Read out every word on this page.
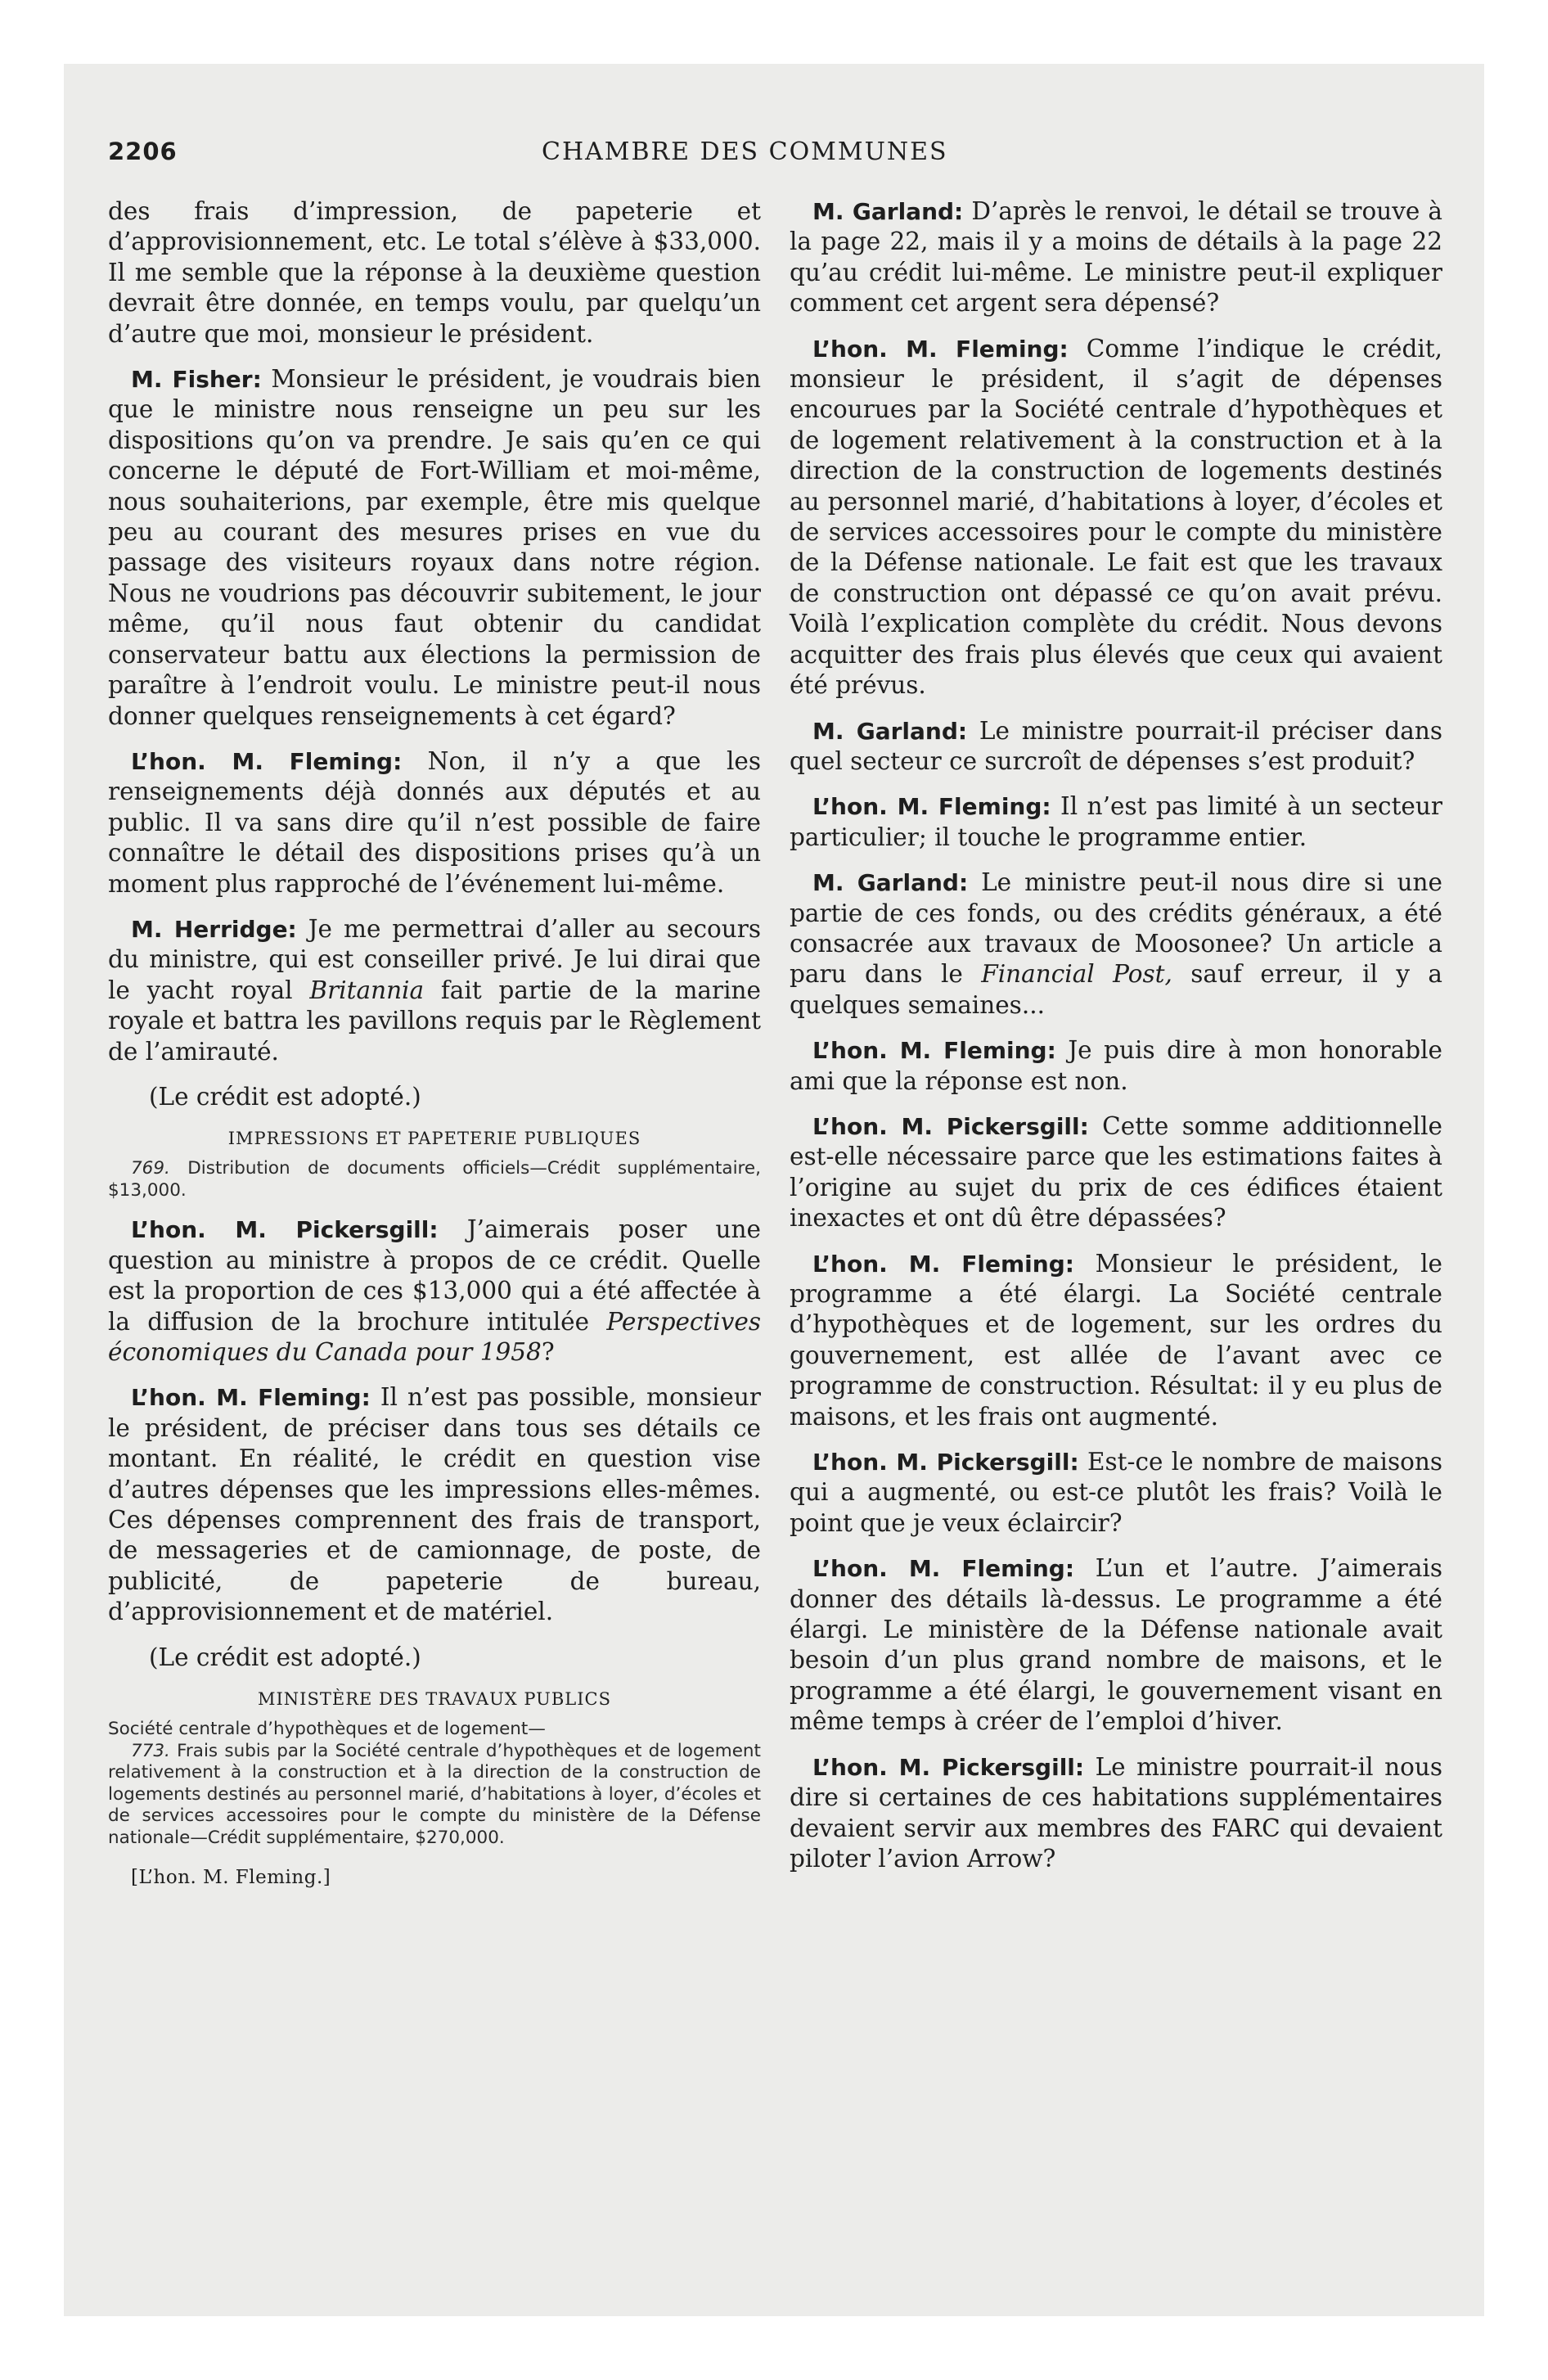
2206	CHAMBRE DES COMMUNES

des frais d’impression, de papeterie et d’approvisionnement, etc. Le total s’élève à $33,000. Il me semble que la réponse à la deuxième question devrait être donnée, en temps voulu, par quelqu’un d’autre que moi, monsieur le président.

M. Fisher: Monsieur le président, je voudrais bien que le ministre nous renseigne un peu sur les dispositions qu’on va prendre. Je sais qu’en ce qui concerne le député de Fort-William et moi-même, nous souhaiterions, par exemple, être mis quelque peu au courant des mesures prises en vue du passage des visiteurs royaux dans notre région. Nous ne voudrions pas découvrir subitement, le jour même, qu’il nous faut obtenir du candidat conservateur battu aux élections la permission de paraître à l’endroit voulu. Le ministre peut-il nous donner quelques renseignements à cet égard?

L’hon. M. Fleming: Non, il n’y a que les renseignements déjà donnés aux députés et au public. Il va sans dire qu’il n’est possible de faire connaître le détail des dispositions prises qu’à un moment plus rapproché de l’événement lui-même.

M. Herridge: Je me permettrai d’aller au secours du ministre, qui est conseiller privé. Je lui dirai que le yacht royal Britannia fait partie de la marine royale et battra les pavillons requis par le Règlement de l’amirauté.

(Le crédit est adopté.)

IMPRESSIONS ET PAPETERIE PUBLIQUES

769. Distribution de documents officiels—Crédit supplémentaire, $13,000.

L’hon. M. Pickersgill: J’aimerais poser une question au ministre à propos de ce crédit. Quelle est la proportion de ces $13,000 qui a été affectée à la diffusion de la brochure intitulée Perspectives économiques du Canada pour 1958?

L’hon. M. Fleming: Il n’est pas possible, monsieur le président, de préciser dans tous ses détails ce montant. En réalité, le crédit en question vise d’autres dépenses que les impressions elles-mêmes. Ces dépenses comprennent des frais de transport, de messageries et de camionnage, de poste, de publicité, de papeterie de bureau, d’approvisionnement et de matériel.

(Le crédit est adopté.)

MINISTÈRE DES TRAVAUX PUBLICS

Société centrale d’hypothèques et de logement—

773. Frais subis par la Société centrale d’hypothèques et de logement relativement à la construction et à la direction de la construction de logements destinés au personnel marié, d’habitations à loyer, d’écoles et de services accessoires pour le compte du ministère de la Défense nationale—Crédit supplémentaire, $270,000.

[L’hon. M. Fleming.]

M. Garland: D’après le renvoi, le détail se trouve à la page 22, mais il y a moins de détails à la page 22 qu’au crédit lui-même. Le ministre peut-il expliquer comment cet argent sera dépensé?

L’hon. M. Fleming: Comme l’indique le crédit, monsieur le président, il s’agit de dépenses encourues par la Société centrale d’hypothèques et de logement relativement à la construction et à la direction de la construction de logements destinés au personnel marié, d’habitations à loyer, d’écoles et de services accessoires pour le compte du ministère de la Défense nationale. Le fait est que les travaux de construction ont dépassé ce qu’on avait prévu. Voilà l’explication complète du crédit. Nous devons acquitter des frais plus élevés que ceux qui avaient été prévus.

M. Garland: Le ministre pourrait-il préciser dans quel secteur ce surcroît de dépenses s’est produit?

L’hon. M. Fleming: Il n’est pas limité à un secteur particulier; il touche le programme entier.

M. Garland: Le ministre peut-il nous dire si une partie de ces fonds, ou des crédits généraux, a été consacrée aux travaux de Moosonee? Un article a paru dans le Financial Post, sauf erreur, il y a quelques semaines...

L’hon. M. Fleming: Je puis dire à mon honorable ami que la réponse est non.

L’hon. M. Pickersgill: Cette somme additionnelle est-elle nécessaire parce que les estimations faites à l’origine au sujet du prix de ces édifices étaient inexactes et ont dû être dépassées?

L’hon. M. Fleming: Monsieur le président, le programme a été élargi. La Société centrale d’hypothèques et de logement, sur les ordres du gouvernement, est allée de l’avant avec ce programme de construction. Résultat: il y eu plus de maisons, et les frais ont augmenté.

L’hon. M. Pickersgill: Est-ce le nombre de maisons qui a augmenté, ou est-ce plutôt les frais? Voilà le point que je veux éclaircir?

L’hon. M. Fleming: L’un et l’autre. J’aimerais donner des détails là-dessus. Le programme a été élargi. Le ministère de la Défense nationale avait besoin d’un plus grand nombre de maisons, et le programme a été élargi, le gouvernement visant en même temps à créer de l’emploi d’hiver.

L’hon. M. Pickersgill: Le ministre pourrait-il nous dire si certaines de ces habitations supplémentaires devaient servir aux membres des FARC qui devaient piloter l’avion Arrow?
